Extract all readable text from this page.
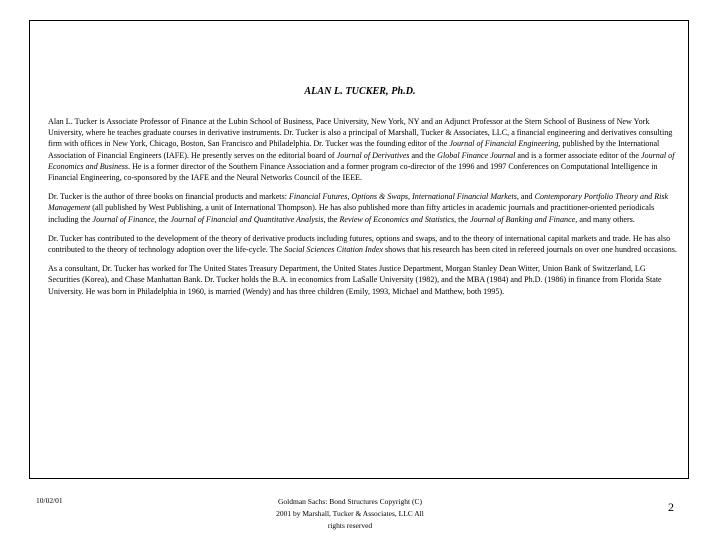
ALAN L. TUCKER, Ph.D.

Alan L. Tucker is Associate Professor of Finance at the Lubin School of Business, Pace University, New York, NY and an Adjunct Professor at the Stern School of Business of New York University, where he teaches graduate courses in derivative instruments. Dr. Tucker is also a principal of Marshall, Tucker & Associates, LLC, a financial engineering and derivatives consulting firm with offices in New York, Chicago, Boston, San Francisco and Philadelphia. Dr. Tucker was the founding editor of the Journal of Financial Engineering, published by the International Association of Financial Engineers (IAFE). He presently serves on the editorial board of Journal of Derivatives and the Global Finance Journal and is a former associate editor of the Journal of Economics and Business. He is a former director of the Southern Finance Association and a former program co-director of the 1996 and 1997 Conferences on Computational Intelligence in Financial Engineering, co-sponsored by the IAFE and the Neural Networks Council of the IEEE.

Dr. Tucker is the author of three books on financial products and markets: Financial Futures, Options & Swaps, International Financial Markets, and Contemporary Portfolio Theory and Risk Management (all published by West Publishing, a unit of International Thompson). He has also published more than fifty articles in academic journals and practitioner-oriented periodicals including the Journal of Finance, the Journal of Financial and Quantitative Analysis, the Review of Economics and Statistics, the Journal of Banking and Finance, and many others.

Dr. Tucker has contributed to the development of the theory of derivative products including futures, options and swaps, and to the theory of international capital markets and trade. He has also contributed to the theory of technology adoption over the life-cycle. The Social Sciences Citation Index shows that his research has been cited in refereed journals on over one hundred occasions.

As a consultant, Dr. Tucker has worked for The United States Treasury Department, the United States Justice Department, Morgan Stanley Dean Witter, Union Bank of Switzerland, LG Securities (Korea), and Chase Manhattan Bank. Dr. Tucker holds the B.A. in economics from LaSalle University (1982), and the MBA (1984) and Ph.D. (1986) in finance from Florida State University. He was born in Philadelphia in 1960, is married (Wendy) and has three children (Emily, 1993, Michael and Matthew, both 1995).

10/02/01	Goldman Sachs: Bond Structures Copyright (C)
2001 by Marshall, Tucker & Associates, LLC All
rights reserved
2
